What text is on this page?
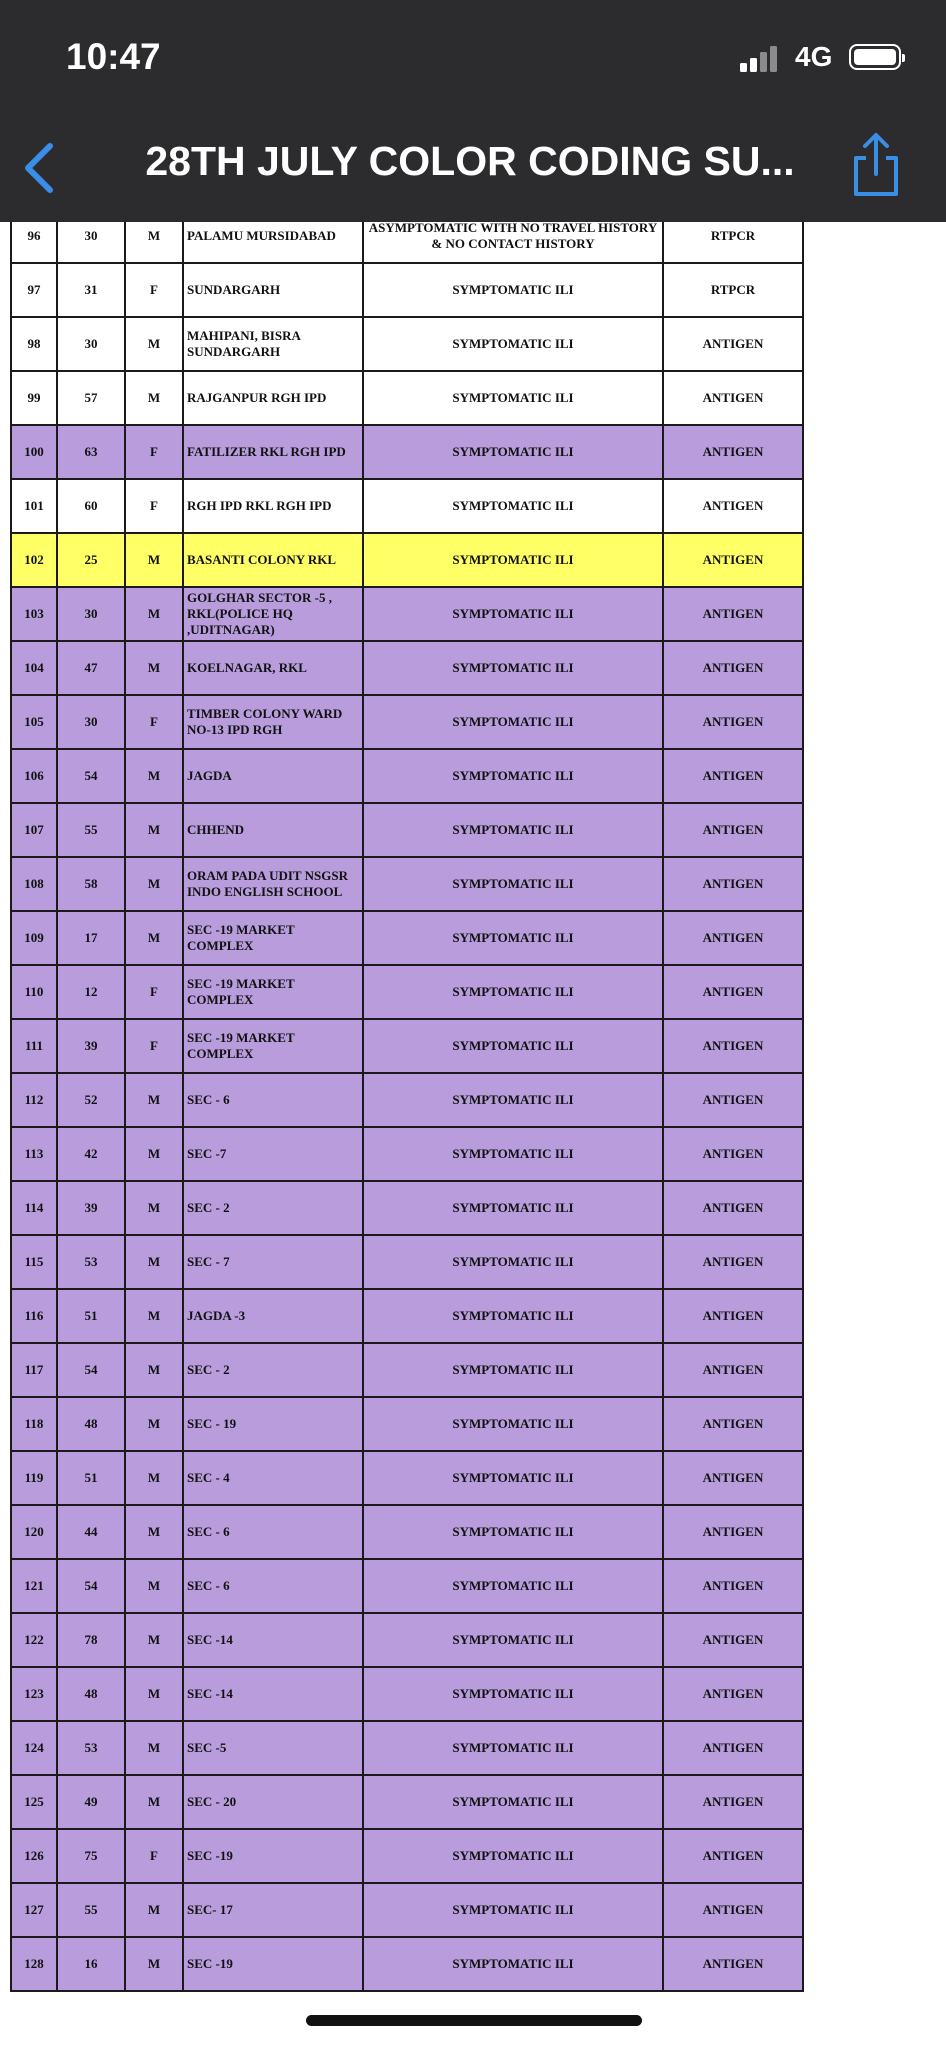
10:47	4G
28TH JULY COLOR CODING SU...
96	30	M	PALAMU MURSIDABAD	ASYMPTOMATIC WITH NO TRAVEL HISTORY & NO CONTACT HISTORY	RTPCR
97	31	F	SUNDARGARH	SYMPTOMATIC ILI	RTPCR
98	30	M	MAHIPANI, BISRA SUNDARGARH	SYMPTOMATIC ILI	ANTIGEN
99	57	M	RAJGANPUR RGH IPD	SYMPTOMATIC ILI	ANTIGEN
100	63	F	FATILIZER RKL RGH IPD	SYMPTOMATIC ILI	ANTIGEN
101	60	F	RGH IPD RKL RGH IPD	SYMPTOMATIC ILI	ANTIGEN
102	25	M	BASANTI COLONY RKL	SYMPTOMATIC ILI	ANTIGEN
103	30	M	GOLGHAR SECTOR -5 , RKL(POLICE HQ ,UDITNAGAR)	SYMPTOMATIC ILI	ANTIGEN
104	47	M	KOELNAGAR, RKL	SYMPTOMATIC ILI	ANTIGEN
105	30	F	TIMBER COLONY WARD NO-13 IPD RGH	SYMPTOMATIC ILI	ANTIGEN
106	54	M	JAGDA	SYMPTOMATIC ILI	ANTIGEN
107	55	M	CHHEND	SYMPTOMATIC ILI	ANTIGEN
108	58	M	ORAM PADA UDIT NSGSR INDO ENGLISH SCHOOL	SYMPTOMATIC ILI	ANTIGEN
109	17	M	SEC -19 MARKET COMPLEX	SYMPTOMATIC ILI	ANTIGEN
110	12	F	SEC -19 MARKET COMPLEX	SYMPTOMATIC ILI	ANTIGEN
111	39	F	SEC -19 MARKET COMPLEX	SYMPTOMATIC ILI	ANTIGEN
112	52	M	SEC - 6	SYMPTOMATIC ILI	ANTIGEN
113	42	M	SEC -7	SYMPTOMATIC ILI	ANTIGEN
114	39	M	SEC - 2	SYMPTOMATIC ILI	ANTIGEN
115	53	M	SEC - 7	SYMPTOMATIC ILI	ANTIGEN
116	51	M	JAGDA -3	SYMPTOMATIC ILI	ANTIGEN
117	54	M	SEC - 2	SYMPTOMATIC ILI	ANTIGEN
118	48	M	SEC - 19	SYMPTOMATIC ILI	ANTIGEN
119	51	M	SEC - 4	SYMPTOMATIC ILI	ANTIGEN
120	44	M	SEC - 6	SYMPTOMATIC ILI	ANTIGEN
121	54	M	SEC - 6	SYMPTOMATIC ILI	ANTIGEN
122	78	M	SEC -14	SYMPTOMATIC ILI	ANTIGEN
123	48	M	SEC -14	SYMPTOMATIC ILI	ANTIGEN
124	53	M	SEC -5	SYMPTOMATIC ILI	ANTIGEN
125	49	M	SEC - 20	SYMPTOMATIC ILI	ANTIGEN
126	75	F	SEC -19	SYMPTOMATIC ILI	ANTIGEN
127	55	M	SEC- 17	SYMPTOMATIC ILI	ANTIGEN
128	16	M	SEC -19	SYMPTOMATIC ILI	ANTIGEN
